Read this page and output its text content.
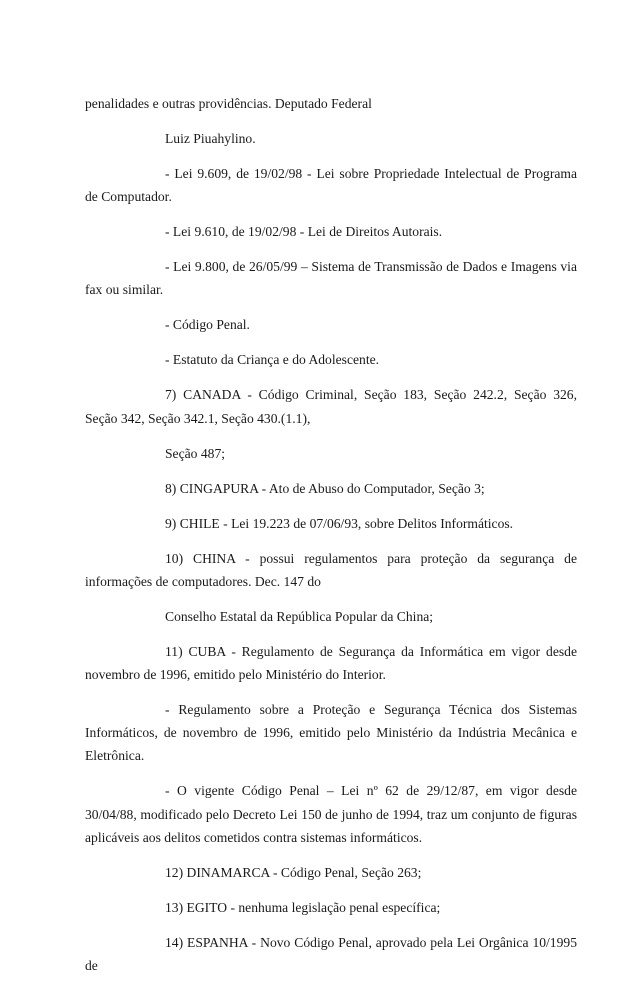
penalidades e outras providências. Deputado Federal

Luiz Piuahylino.

- Lei 9.609, de 19/02/98 - Lei sobre Propriedade Intelectual de Programa de Computador.

- Lei 9.610, de 19/02/98 - Lei de Direitos Autorais.

- Lei 9.800, de 26/05/99 – Sistema de Transmissão de Dados e Imagens via fax ou similar.

- Código Penal.

- Estatuto da Criança e do Adolescente.

7) CANADA - Código Criminal, Seção 183, Seção 242.2, Seção 326, Seção 342, Seção 342.1, Seção 430.(1.1),

Seção 487;

8) CINGAPURA - Ato de Abuso do Computador, Seção 3;

9) CHILE - Lei 19.223 de 07/06/93, sobre Delitos Informáticos.

10) CHINA - possui regulamentos para proteção da segurança de informações de computadores. Dec. 147 do

Conselho Estatal da República Popular da China;

11) CUBA - Regulamento de Segurança da Informática em vigor desde novembro de 1996, emitido pelo Ministério do Interior.

- Regulamento sobre a Proteção e Segurança Técnica dos Sistemas Informáticos, de novembro de 1996, emitido pelo Ministério da Indústria Mecânica e Eletrônica.

- O vigente Código Penal – Lei nº 62 de 29/12/87, em vigor desde 30/04/88, modificado pelo Decreto Lei 150 de junho de 1994, traz um conjunto de figuras aplicáveis aos delitos cometidos contra sistemas informáticos.

12) DINAMARCA - Código Penal, Seção 263;

13) EGITO - nenhuma legislação penal específica;

14) ESPANHA - Novo Código Penal, aprovado pela Lei Orgânica 10/1995 de
